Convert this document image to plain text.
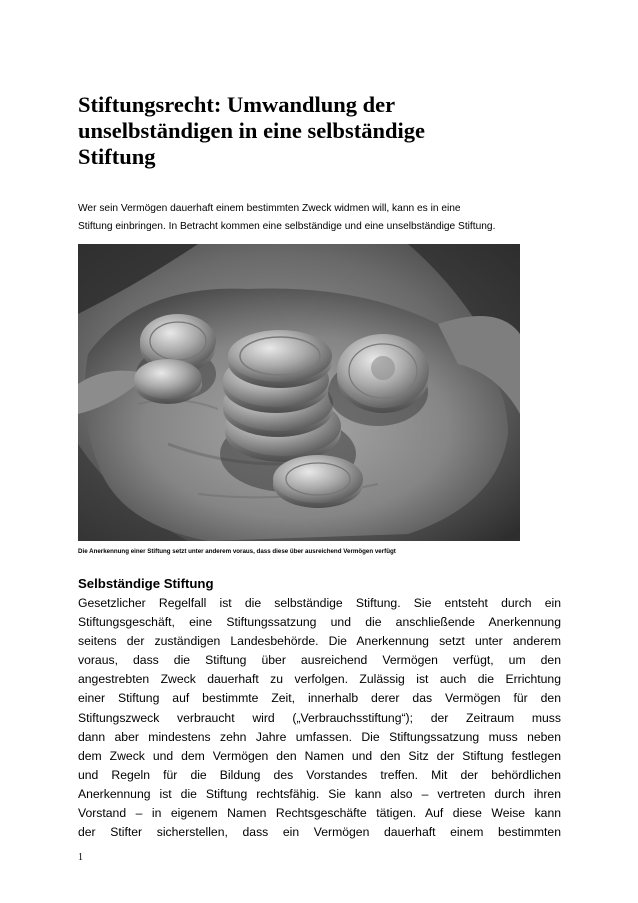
Stiftungsrecht: Umwandlung der
unselbständigen in eine selbständige
Stiftung
Wer sein Vermögen dauerhaft einem bestimmten Zweck widmen will, kann es in eine
Stiftung einbringen. In Betracht kommen eine selbständige und eine unselbständige Stiftung.
Die Anerkennung einer Stiftung setzt unter anderem voraus, dass diese über ausreichend Vermögen verfügt
Selbständige Stiftung
Gesetzlicher Regelfall ist die selbständige Stiftung. Sie entsteht durch ein
Stiftungsgeschäft, eine Stiftungssatzung und die anschließende Anerkennung
seitens der zuständigen Landesbehörde. Die Anerkennung setzt unter anderem
voraus, dass die Stiftung über ausreichend Vermögen verfügt, um den
angestrebten Zweck dauerhaft zu verfolgen. Zulässig ist auch die Errichtung
einer Stiftung auf bestimmte Zeit, innerhalb derer das Vermögen für den
Stiftungszweck verbraucht wird („Verbrauchsstiftung“); der Zeitraum muss
dann aber mindestens zehn Jahre umfassen. Die Stiftungssatzung muss neben
dem Zweck und dem Vermögen den Namen und den Sitz der Stiftung festlegen
und Regeln für die Bildung des Vorstandes treffen. Mit der behördlichen
Anerkennung ist die Stiftung rechtsfähig. Sie kann also – vertreten durch ihren
Vorstand – in eigenem Namen Rechtsgeschäfte tätigen. Auf diese Weise kann
der Stifter sicherstellen, dass ein Vermögen dauerhaft einem bestimmten
1
